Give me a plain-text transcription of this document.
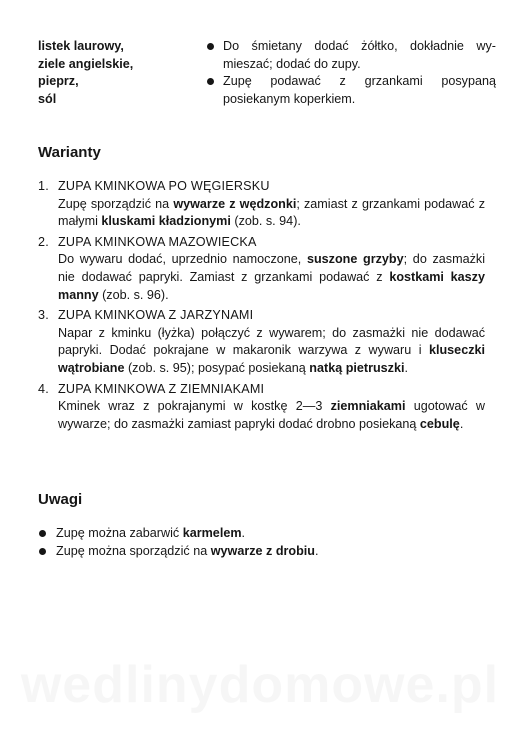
listek laurowy,
ziele angielskie,
pieprz,
sól
Do śmietany dodać żółtko, dokładnie wymieszać; dodać do zupy.
Zupę podawać z grzankami posypaną posiekanym koperkiem.
Warianty
1. ZUPA KMINKOWA PO WĘGIERSKU
Zupę sporządzić na wywarze z wędzonki; zamiast z grzankami podawać z małymi kluskami kładzionymi (zob. s. 94).
2. ZUPA KMINKOWA MAZOWIECKA
Do wywaru dodać, uprzednio namoczone, suszone grzyby; do zasmażki nie dodawać papryki. Zamiast z grzankami podawać z kostkami kaszy manny (zob. s. 96).
3. ZUPA KMINKOWA Z JARZYNAMI
Napar z kminku (łyżka) połączyć z wywarem; do zasmażki nie dodawać papryki. Dodać pokrajane w makaronik warzywa z wywaru i kluseczki wątrobiane (zob. s. 95); posypać posiekaną natką pietruszki.
4. ZUPA KMINKOWA Z ZIEMNIAKAMI
Kminek wraz z pokrajanymi w kostkę 2—3 ziemniakami ugotować w wywarze; do zasmażki zamiast papryki dodać drobno posiekaną cebulę.
Uwagi
Zupę można zabarwić karmelem.
Zupę można sporządzić na wywarze z drobiu.
